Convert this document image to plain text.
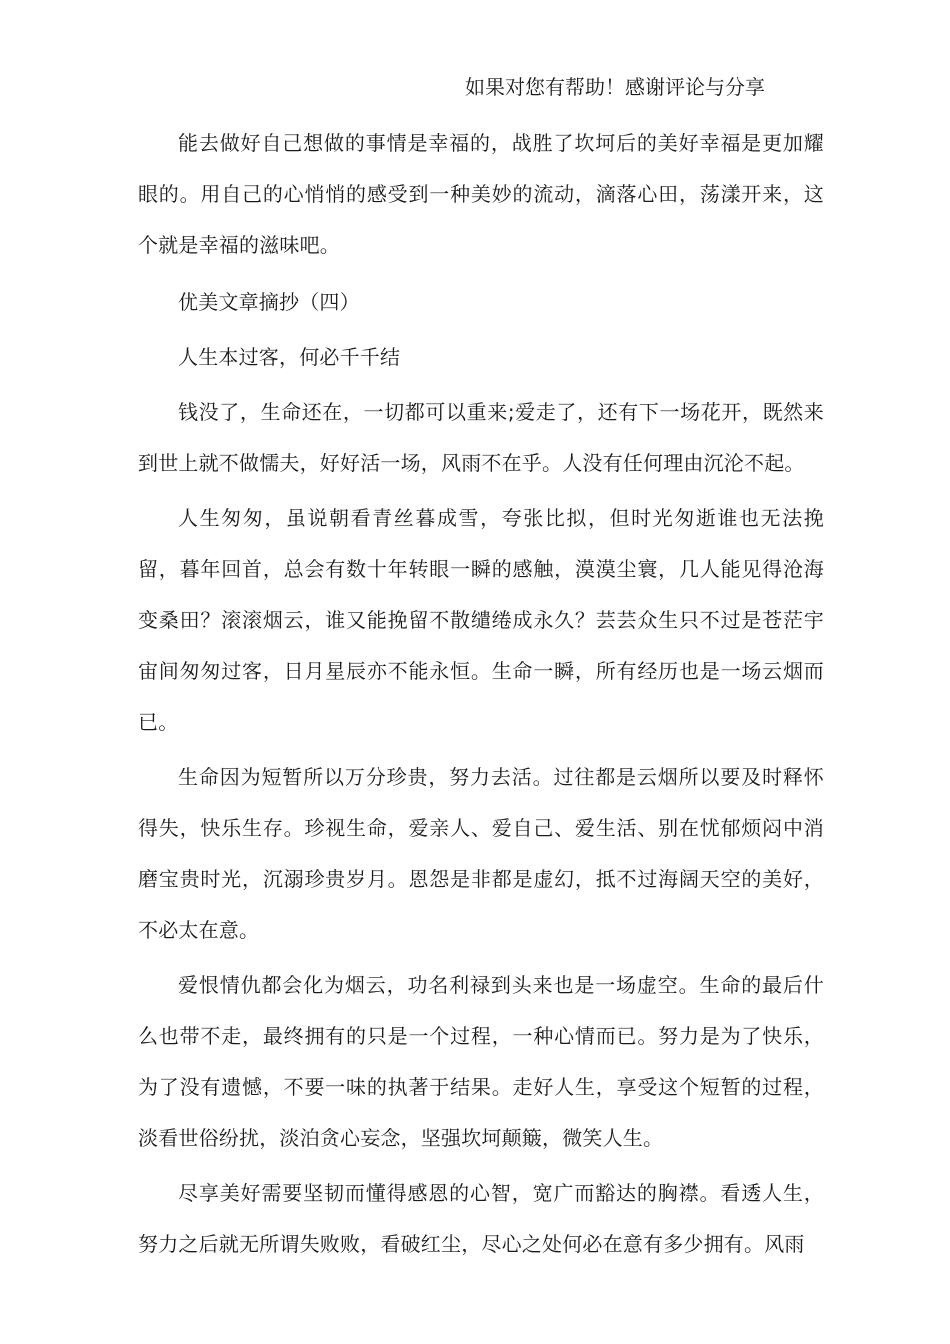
如果对您有帮助！感谢评论与分享

能去做好自己想做的事情是幸福的，战胜了坎坷后的美好幸福是更加耀眼的。用自己的心悄悄的感受到一种美妙的流动，滴落心田，荡漾开来，这个就是幸福的滋味吧。

优美文章摘抄（四）

人生本过客，何必千千结

钱没了，生命还在，一切都可以重来;爱走了，还有下一场花开，既然来到世上就不做懦夫，好好活一场，风雨不在乎。人没有任何理由沉沦不起。

人生匆匆，虽说朝看青丝暮成雪，夸张比拟，但时光匆逝谁也无法挽留，暮年回首，总会有数十年转眼一瞬的感触，漠漠尘寰，几人能见得沧海变桑田？滚滚烟云，谁又能挽留不散缱绻成永久？芸芸众生只不过是苍茫宇宙间匆匆过客，日月星辰亦不能永恒。生命一瞬，所有经历也是一场云烟而已。

生命因为短暂所以万分珍贵，努力去活。过往都是云烟所以要及时释怀得失，快乐生存。珍视生命，爱亲人、爱自己、爱生活、别在忧郁烦闷中消磨宝贵时光，沉溺珍贵岁月。恩怨是非都是虚幻，抵不过海阔天空的美好，不必太在意。

爱恨情仇都会化为烟云，功名利禄到头来也是一场虚空。生命的最后什么也带不走，最终拥有的只是一个过程，一种心情而已。努力是为了快乐，为了没有遗憾，不要一味的执著于结果。走好人生，享受这个短暂的过程，淡看世俗纷扰，淡泊贪心妄念，坚强坎坷颠簸，微笑人生。

尽享美好需要坚韧而懂得感恩的心智，宽广而豁达的胸襟。看透人生，努力之后就无所谓失败败，看破红尘，尽心之处何必在意有多少拥有。风雨
